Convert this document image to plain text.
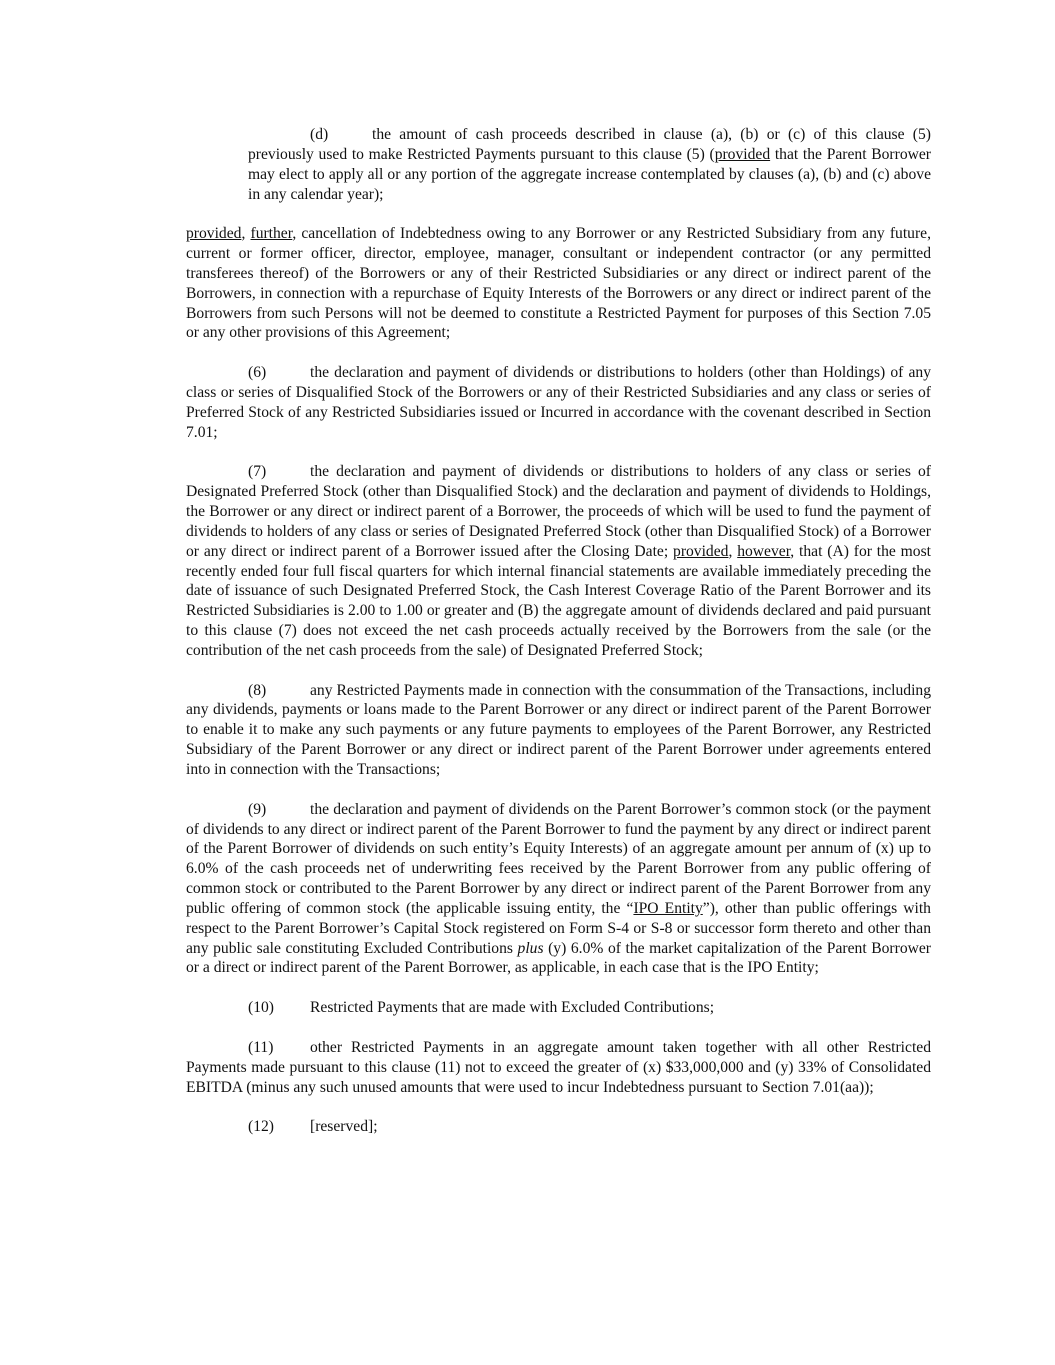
(d)	the amount of cash proceeds described in clause (a), (b) or (c) of this clause (5) previously used to make Restricted Payments pursuant to this clause (5) (provided that the Parent Borrower may elect to apply all or any portion of the aggregate increase contemplated by clauses (a), (b) and (c) above in any calendar year);

provided, further, cancellation of Indebtedness owing to any Borrower or any Restricted Subsidiary from any future, current or former officer, director, employee, manager, consultant or independent contractor (or any permitted transferees thereof) of the Borrowers or any of their Restricted Subsidiaries or any direct or indirect parent of the Borrowers, in connection with a repurchase of Equity Interests of the Borrowers or any direct or indirect parent of the Borrowers from such Persons will not be deemed to constitute a Restricted Payment for purposes of this Section 7.05 or any other provisions of this Agreement;

(6)	the declaration and payment of dividends or distributions to holders (other than Holdings) of any class or series of Disqualified Stock of the Borrowers or any of their Restricted Subsidiaries and any class or series of Preferred Stock of any Restricted Subsidiaries issued or Incurred in accordance with the covenant described in Section 7.01;

(7)	the declaration and payment of dividends or distributions to holders of any class or series of Designated Preferred Stock (other than Disqualified Stock) and the declaration and payment of dividends to Holdings, the Borrower or any direct or indirect parent of a Borrower, the proceeds of which will be used to fund the payment of dividends to holders of any class or series of Designated Preferred Stock (other than Disqualified Stock) of a Borrower or any direct or indirect parent of a Borrower issued after the Closing Date; provided, however, that (A) for the most recently ended four full fiscal quarters for which internal financial statements are available immediately preceding the date of issuance of such Designated Preferred Stock, the Cash Interest Coverage Ratio of the Parent Borrower and its Restricted Subsidiaries is 2.00 to 1.00 or greater and (B) the aggregate amount of dividends declared and paid pursuant to this clause (7) does not exceed the net cash proceeds actually received by the Borrowers from the sale (or the contribution of the net cash proceeds from the sale) of Designated Preferred Stock;

(8)	any Restricted Payments made in connection with the consummation of the Transactions, including any dividends, payments or loans made to the Parent Borrower or any direct or indirect parent of the Parent Borrower to enable it to make any such payments or any future payments to employees of the Parent Borrower, any Restricted Subsidiary of the Parent Borrower or any direct or indirect parent of the Parent Borrower under agreements entered into in connection with the Transactions;

(9)	the declaration and payment of dividends on the Parent Borrower’s common stock (or the payment of dividends to any direct or indirect parent of the Parent Borrower to fund the payment by any direct or indirect parent of the Parent Borrower of dividends on such entity’s Equity Interests) of an aggregate amount per annum of (x) up to 6.0% of the cash proceeds net of underwriting fees received by the Parent Borrower from any public offering of common stock or contributed to the Parent Borrower by any direct or indirect parent of the Parent Borrower from any public offering of common stock (the applicable issuing entity, the “IPO Entity”), other than public offerings with respect to the Parent Borrower’s Capital Stock registered on Form S-4 or S-8 or successor form thereto and other than any public sale constituting Excluded Contributions plus (y) 6.0% of the market capitalization of the Parent Borrower or a direct or indirect parent of the Parent Borrower, as applicable, in each case that is the IPO Entity;

(10) Restricted Payments that are made with Excluded Contributions;

(11) other Restricted Payments in an aggregate amount taken together with all other Restricted Payments made pursuant to this clause (11) not to exceed the greater of (x) $33,000,000 and (y) 33% of Consolidated EBITDA (minus any such unused amounts that were used to incur Indebtedness pursuant to Section 7.01(aa));

(12) [reserved];
